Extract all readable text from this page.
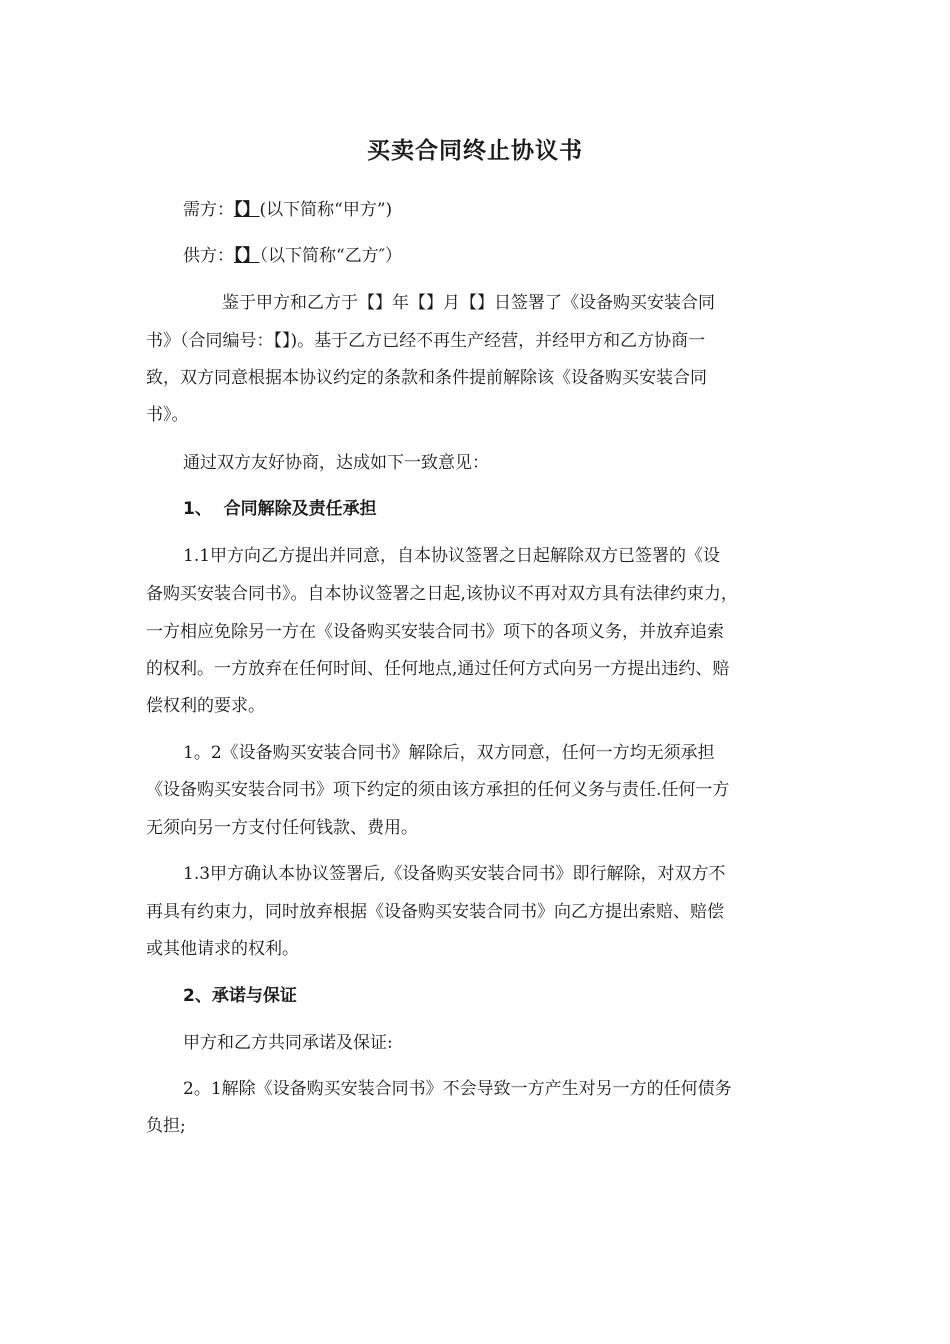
买卖合同终止协议书
需方：【】(以下简称“甲方”)
供方：【】（以下简称“乙方″）
鉴于甲方和乙方于【】年【】月【】日签署了《设备购买安装合同
书》（合同编号：【】)。基于乙方已经不再生产经营，并经甲方和乙方协商一
致，双方同意根据本协议约定的条款和条件提前解除该《设备购买安装合同
书》。
通过双方友好协商，达成如下一致意见：
1、  合同解除及责任承担
1.1甲方向乙方提出并同意，自本协议签署之日起解除双方已签署的《设
备购买安装合同书》。自本协议签署之日起,该协议不再对双方具有法律约束力，
一方相应免除另一方在《设备购买安装合同书》项下的各项义务，并放弃追索
的权利。一方放弃在任何时间、任何地点,通过任何方式向另一方提出违约、赔
偿权利的要求。
1。2《设备购买安装合同书》解除后，双方同意，任何一方均无须承担
《设备购买安装合同书》项下约定的须由该方承担的任何义务与责任.任何一方
无须向另一方支付任何钱款、费用。
1.3甲方确认本协议签署后,《设备购买安装合同书》即行解除，对双方不
再具有约束力，同时放弃根据《设备购买安装合同书》向乙方提出索赔、赔偿
或其他请求的权利。
2、承诺与保证
甲方和乙方共同承诺及保证:
2。1解除《设备购买安装合同书》不会导致一方产生对另一方的任何债务
负担;
